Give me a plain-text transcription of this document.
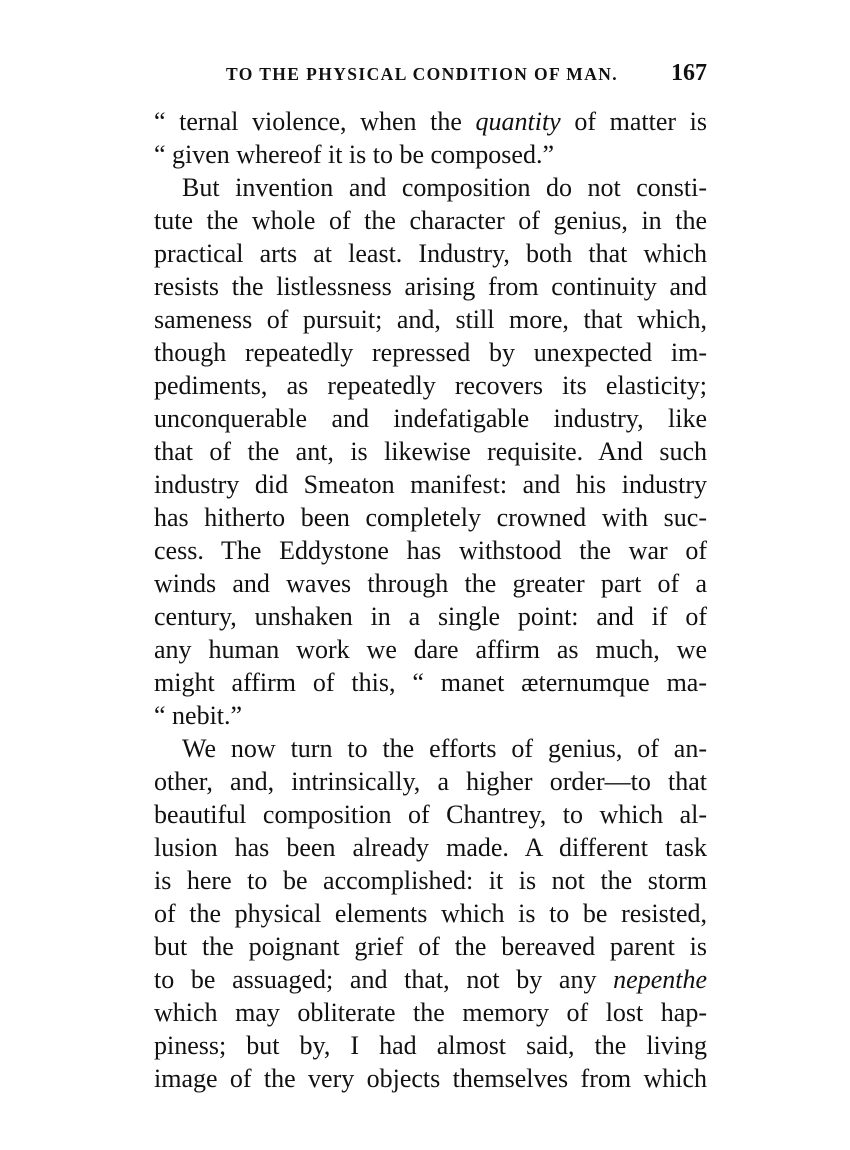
TO THE PHYSICAL CONDITION OF MAN. 167
“ ternal violence, when the quantity of matter is
“ given whereof it is to be composed.”
But invention and composition do not consti-
tute the whole of the character of genius, in the
practical arts at least. Industry, both that which
resists the listlessness arising from continuity and
sameness of pursuit; and, still more, that which,
though repeatedly repressed by unexpected im-
pediments, as repeatedly recovers its elasticity;
unconquerable and indefatigable industry, like
that of the ant, is likewise requisite. And such
industry did Smeaton manifest: and his industry
has hitherto been completely crowned with suc-
cess. The Eddystone has withstood the war of
winds and waves through the greater part of a
century, unshaken in a single point: and if of
any human work we dare affirm as much, we
might affirm of this, “ manet æternumque ma-
“ nebit.”
We now turn to the efforts of genius, of an-
other, and, intrinsically, a higher order—to that
beautiful composition of Chantrey, to which al-
lusion has been already made. A different task
is here to be accomplished: it is not the storm
of the physical elements which is to be resisted,
but the poignant grief of the bereaved parent is
to be assuaged; and that, not by any nepenthe
which may obliterate the memory of lost hap-
piness; but by, I had almost said, the living
image of the very objects themselves from which
